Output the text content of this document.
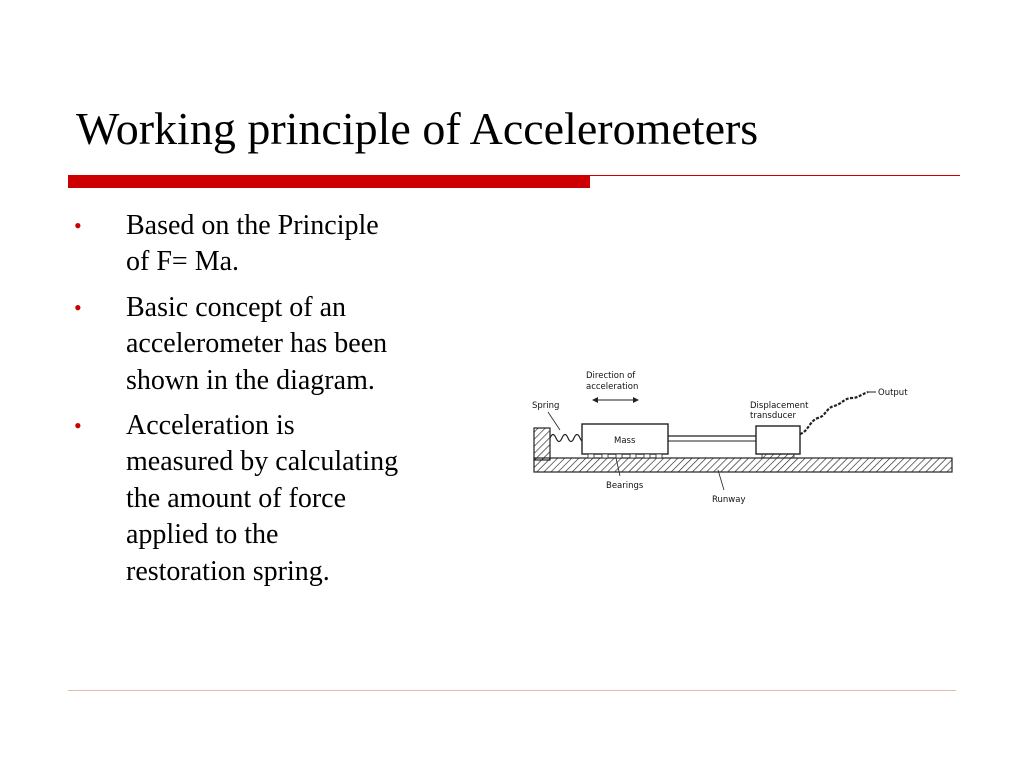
Working principle of Accelerometers
•	Based on the Principle
of F= Ma.
•	Basic concept of an
accelerometer has been
shown in the diagram.
•	Acceleration is
measured by calculating
the amount of force
applied to the
restoration spring.
Direction of
acceleration
Spring
Mass
Displacement
transducer
Output
Bearings
Runway
